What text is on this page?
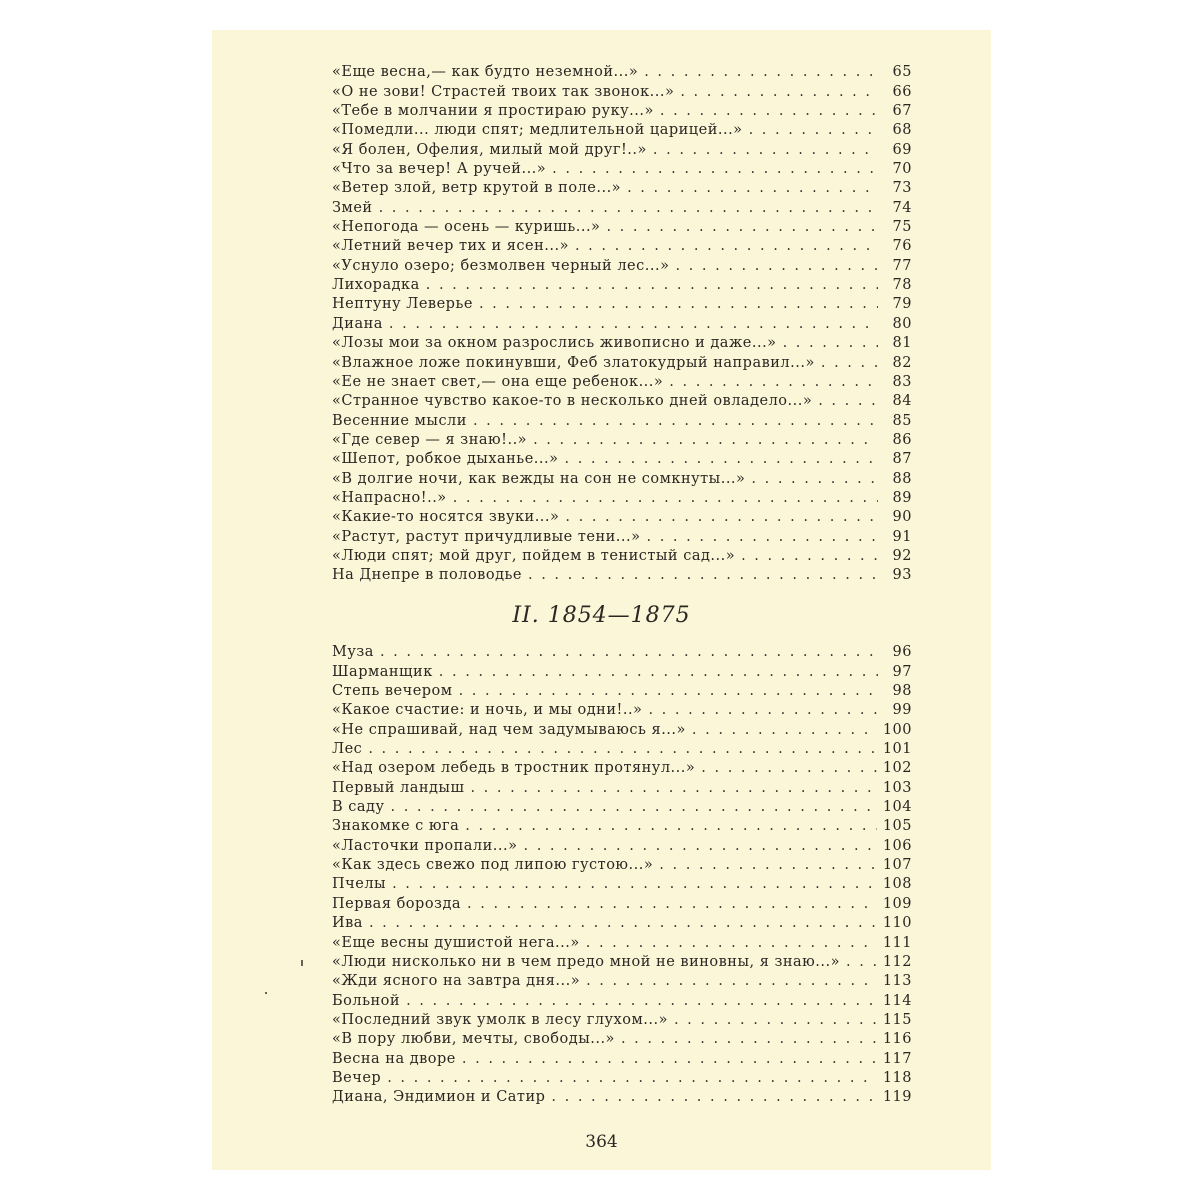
«Еще весна,— как будто неземной...» . .	65
«О не зови! Страстей твоих так звонок...» . .	66
«Тебе в молчании я простираю руку...» . .	67
«Помедли... люди спят; медлительной царицей...» . .	68
«Я болен, Офелия, милый мой друг!..» . .	69
«Что за вечер! А ручей...» . .	70
«Ветер злой, ветр крутой в поле...» . .	73
Змей . .	74
«Непогода — осень — куришь...» . .	75
«Летний вечер тих и ясен...» . .	76
«Уснуло озеро; безмолвен черный лес...» . .	77
Лихорадка . .	78
Нептуну Леверье . .	79
Диана . .	80
«Лозы мои за окном разрослись живописно и даже...» . .	81
«Влажное ложе покинувши, Феб златокудрый направил...» . .	82
«Ее не знает свет,— она еще ребенок...» . .	83
«Странное чувство какое-то в несколько дней овладело...» . .	84
Весенние мысли . .	85
«Где север — я знаю!..» . .	86
«Шепот, робкое дыханье...» . .	87
«В долгие ночи, как вежды на сон не сомкнуты...» . .	88
«Напрасно!..» . .	89
«Какие-то носятся звуки...» . .	90
«Растут, растут причудливые тени...» . .	91
«Люди спят; мой друг, пойдем в тенистый сад...» . .	92
На Днепре в половодье . .	93
II. 1854—1875
Муза . .	96
Шарманщик . .	97
Степь вечером . .	98
«Какое счастие: и ночь, и мы одни!..» . .	99
«Не спрашивай, над чем задумываюсь я...» . .	100
Лес . .	101
«Над озером лебедь в тростник протянул...» . .	102
Первый ландыш . .	103
В саду . .	104
Знакомке с юга . .	105
«Ласточки пропали...» . .	106
«Как здесь свежо под липою густою...» . .	107
Пчелы . .	108
Первая борозда . .	109
Ива . .	110
«Еще весны душистой нега...» . .	111
«Люди нисколько ни в чем предо мной не виновны, я знаю...» . .	112
«Жди ясного на завтра дня...» . .	113
Больной . .	114
«Последний звук умолк в лесу глухом...» . .	115
«В пору любви, мечты, свободы...» . .	116
Весна на дворе . .	117
Вечер . .	118
Диана, Эндимион и Сатир . .	119
364
